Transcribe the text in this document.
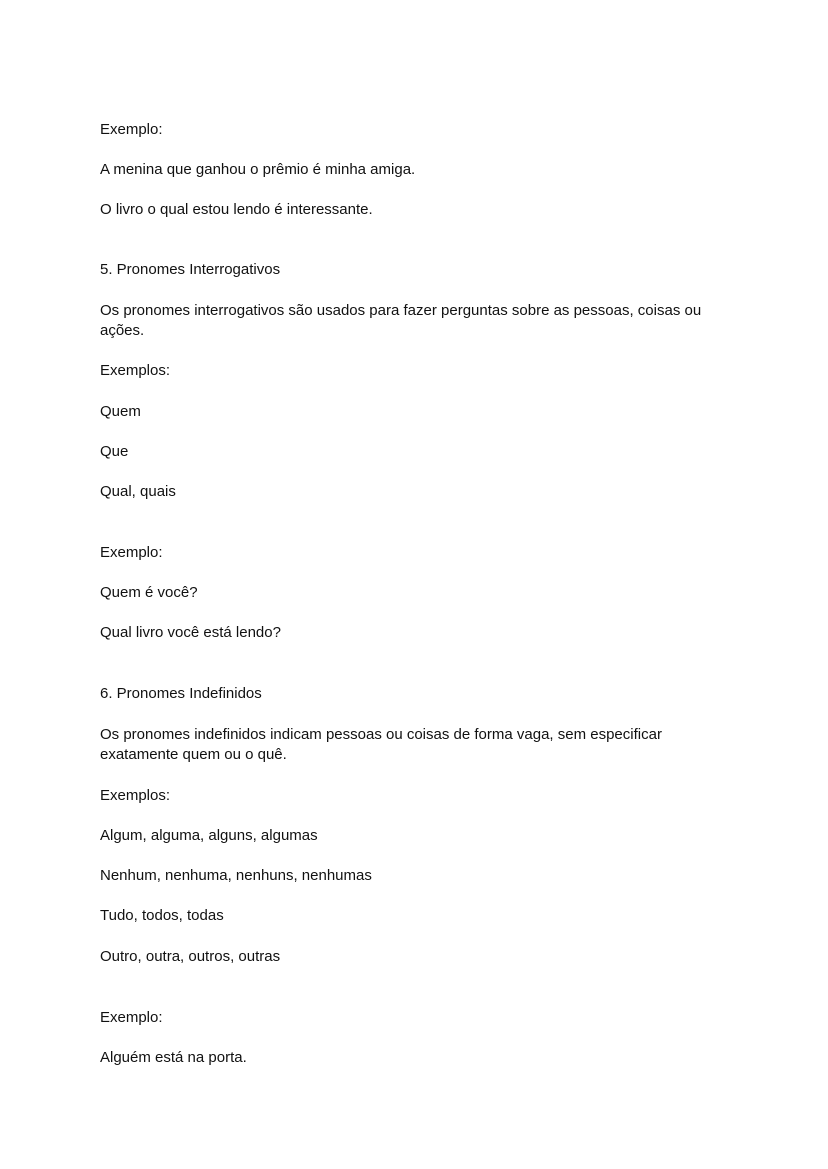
Exemplo:
A menina que ganhou o prêmio é minha amiga.
O livro o qual estou lendo é interessante.
5. Pronomes Interrogativos
Os pronomes interrogativos são usados para fazer perguntas sobre as pessoas, coisas ou
ações.
Exemplos:
Quem
Que
Qual, quais
Exemplo:
Quem é você?
Qual livro você está lendo?
6. Pronomes Indefinidos
Os pronomes indefinidos indicam pessoas ou coisas de forma vaga, sem especificar
exatamente quem ou o quê.
Exemplos:
Algum, alguma, alguns, algumas
Nenhum, nenhuma, nenhuns, nenhumas
Tudo, todos, todas
Outro, outra, outros, outras
Exemplo:
Alguém está na porta.
